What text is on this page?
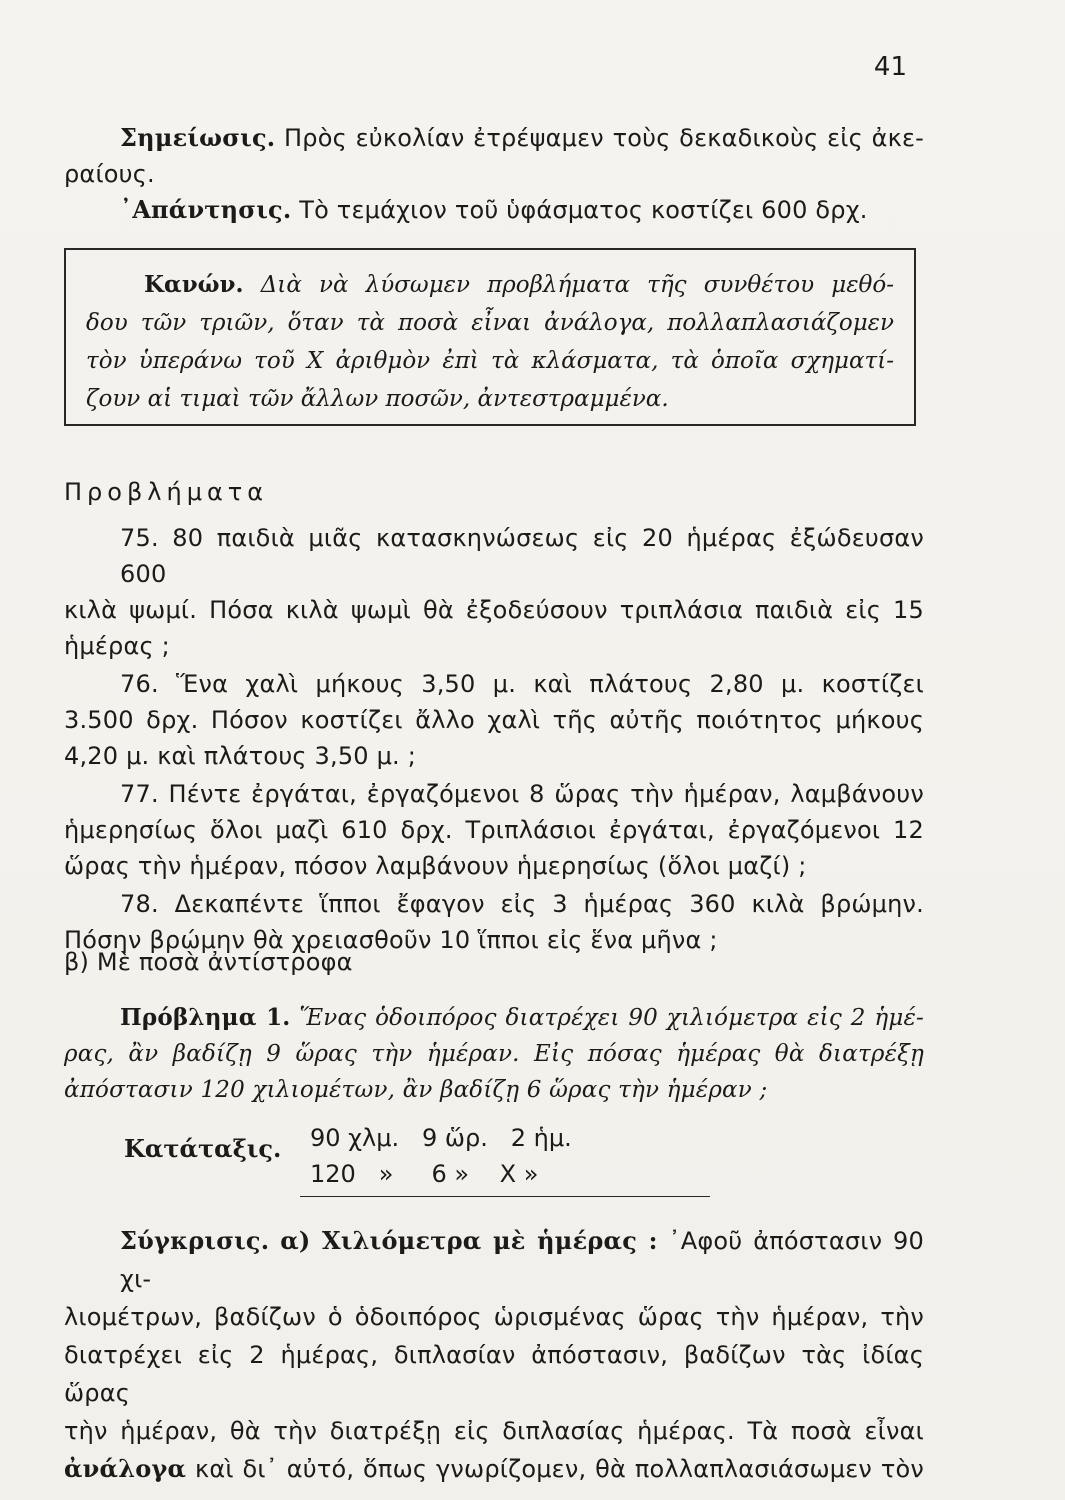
41
Σημείωσις. Πρὸς εὐκολίαν ἐτρέψαμεν τοὺς δεκαδικοὺς εἰς ἀκε-
ραίους.
᾿Απάντησις. Τὸ τεμάχιον τοῦ ὑφάσματος κοστίζει 600 δρχ.
Κανών. Διὰ νὰ λύσωμεν προβλήματα τῆς συνθέτου μεθό-
δου τῶν τριῶν, ὅταν τὰ ποσὰ εἶναι ἀνάλογα, πολλαπλασιάζομεν
τὸν ὑπεράνω τοῦ X ἀριθμὸν ἐπὶ τὰ κλάσματα, τὰ ὁποῖα σχηματί-
ζουν αἱ τιμαὶ τῶν ἄλλων ποσῶν, ἀντεστραμμένα.
Προβλήματα
75. 80 παιδιὰ μιᾶς κατασκηνώσεως εἰς 20 ἡμέρας ἐξώδευσαν 600
κιλὰ ψωμί. Πόσα κιλὰ ψωμὶ θὰ ἐξοδεύσουν τριπλάσια παιδιὰ εἰς 15
ἡμέρας ;
76. Ἕνα χαλὶ μήκους 3,50 μ. καὶ πλάτους 2,80 μ. κοστίζει
3.500 δρχ. Πόσον κοστίζει ἄλλο χαλὶ τῆς αὐτῆς ποιότητος μήκους
4,20 μ. καὶ πλάτους 3,50 μ. ;
77. Πέντε ἐργάται, ἐργαζόμενοι 8 ὥρας τὴν ἡμέραν, λαμβάνουν
ἡμερησίως ὅλοι μαζὶ 610 δρχ. Τριπλάσιοι ἐργάται, ἐργαζόμενοι 12
ὥρας τὴν ἡμέραν, πόσον λαμβάνουν ἡμερησίως (ὅλοι μαζί) ;
78. Δεκαπέντε ἵπποι ἔφαγον εἰς 3 ἡμέρας 360 κιλὰ βρώμην.
Πόσην βρώμην θὰ χρειασθοῦν 10 ἵπποι εἰς ἕνα μῆνα ;
β) Μὲ ποσὰ ἀντίστροφα
Πρόβλημα 1. Ἕνας ὁδοιπόρος διατρέχει 90 χιλιόμετρα εἰς 2 ἡμέ-
ρας, ἂν βαδίζῃ 9 ὥρας τὴν ἡμέραν. Εἰς πόσας ἡμέρας θὰ διατρέξῃ
ἀπόστασιν 120 χιλιομέτων, ἂν βαδίζῃ 6 ὥρας τὴν ἡμέραν ;
Κατάταξις. 90 χλμ.   9 ὥρ.   2 ἡμ.
120   »     6 »    X »
Σύγκρισις. α) Χιλιόμετρα μὲ ἡμέρας : ᾿Αφοῦ ἀπόστασιν 90 χι-
λιομέτρων, βαδίζων ὁ ὁδοιπόρος ὡρισμένας ὥρας τὴν ἡμέραν, τὴν
διατρέχει εἰς 2 ἡμέρας, διπλασίαν ἀπόστασιν, βαδίζων τὰς ἰδίας ὥρας
τὴν ἡμέραν, θὰ τὴν διατρέξῃ εἰς διπλασίας ἡμέρας. Τὰ ποσὰ εἶναι
ἀνάλογα καὶ δι᾿ αὐτό, ὅπως γνωρίζομεν, θὰ πολλαπλασιάσωμεν τὸν
